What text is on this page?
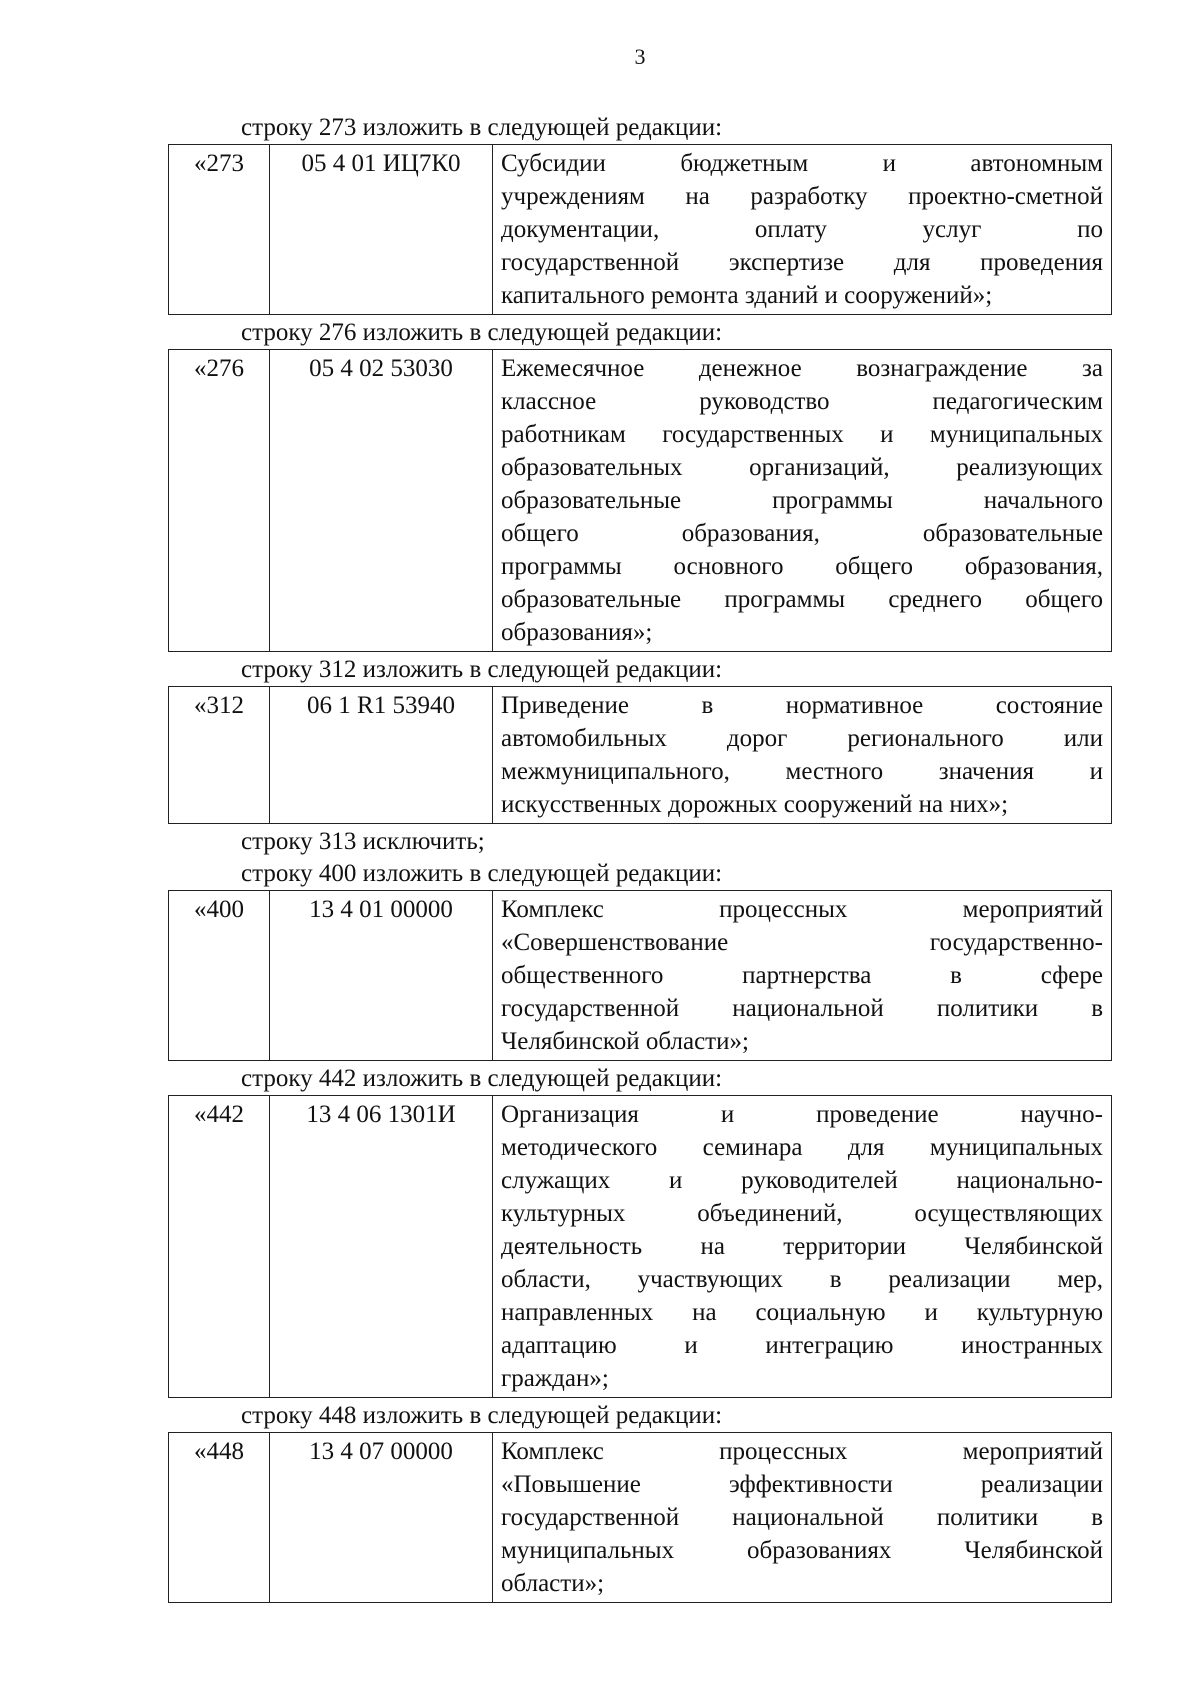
3
строку 273 изложить в следующей редакции:
«273	05 4 01 ИЦ7К0	Субсидии бюджетным и автономным
учреждениям на разработку проектно-сметной
документации, оплату услуг по
государственной экспертизе для проведения
капитального ремонта зданий и сооружений»;
строку 276 изложить в следующей редакции:
«276	05 4 02 53030	Ежемесячное денежное вознаграждение за
классное руководство педагогическим
работникам государственных и муниципальных
образовательных организаций, реализующих
образовательные программы начального
общего образования, образовательные
программы основного общего образования,
образовательные программы среднего общего
образования»;
строку 312 изложить в следующей редакции:
«312	06 1 R1 53940	Приведение в нормативное состояние
автомобильных дорог регионального или
межмуниципального, местного значения и
искусственных дорожных сооружений на них»;
строку 313 исключить;
строку 400 изложить в следующей редакции:
«400	13 4 01 00000	Комплекс процессных мероприятий
«Совершенствование государственно-
общественного партнерства в сфере
государственной национальной политики в
Челябинской области»;
строку 442 изложить в следующей редакции:
«442	13 4 06 1301И	Организация и проведение научно-
методического семинара для муниципальных
служащих и руководителей национально-
культурных объединений, осуществляющих
деятельность на территории Челябинской
области, участвующих в реализации мер,
направленных на социальную и культурную
адаптацию и интеграцию иностранных
граждан»;
строку 448 изложить в следующей редакции:
«448	13 4 07 00000	Комплекс процессных мероприятий
«Повышение эффективности реализации
государственной национальной политики в
муниципальных образованиях Челябинской
области»;
